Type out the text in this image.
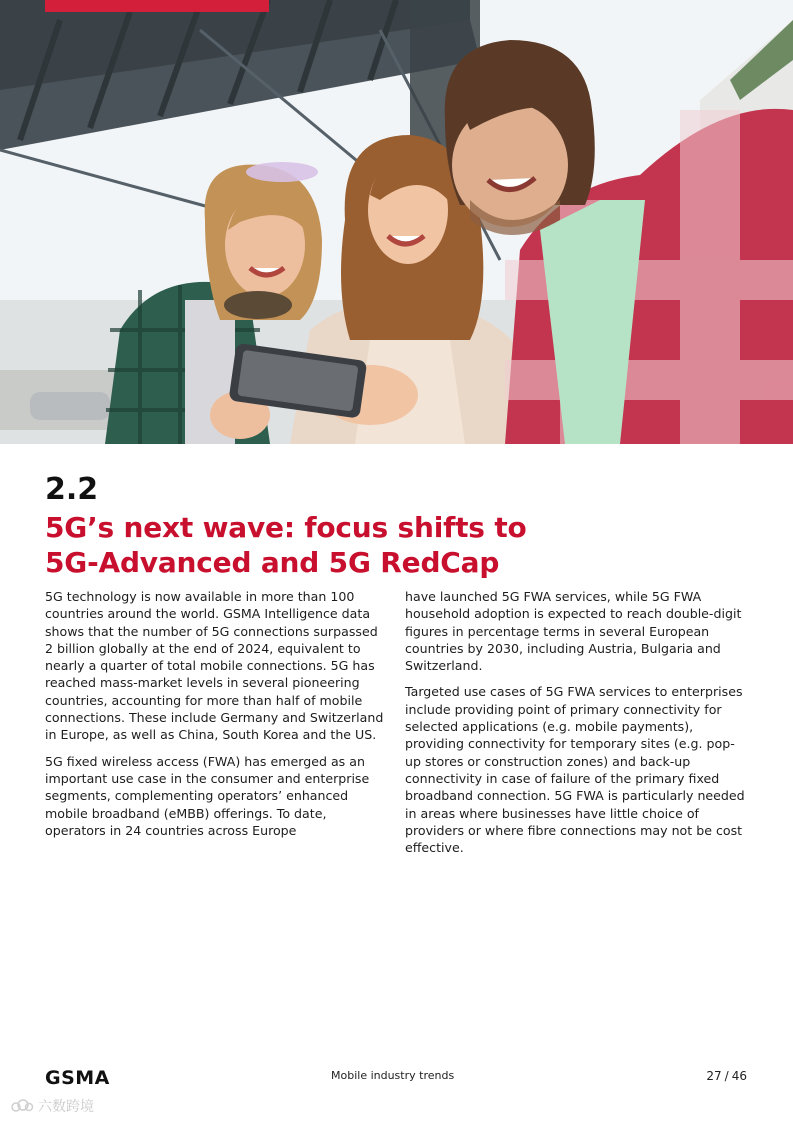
2.2
5G’s next wave: focus shifts to
5G-Advanced and 5G RedCap

5G technology is now available in more than 100 countries around the world. GSMA Intelligence data shows that the number of 5G connections surpassed 2 billion globally at the end of 2024, equivalent to nearly a quarter of total mobile connections. 5G has reached mass-market levels in several pioneering countries, accounting for more than half of mobile connections. These include Germany and Switzerland in Europe, as well as China, South Korea and the US.

5G fixed wireless access (FWA) has emerged as an important use case in the consumer and enterprise segments, complementing operators’ enhanced mobile broadband (eMBB) offerings. To date, operators in 24 countries across Europe

have launched 5G FWA services, while 5G FWA household adoption is expected to reach double-digit figures in percentage terms in several European countries by 2030, including Austria, Bulgaria and Switzerland.

Targeted use cases of 5G FWA services to enterprises include providing point of primary connectivity for selected applications (e.g. mobile payments), providing connectivity for temporary sites (e.g. pop-up stores or construction zones) and back-up connectivity in case of failure of the primary fixed broadband connection. 5G FWA is particularly needed in areas where businesses have little choice of providers or where fibre connections may not be cost effective.

GSMA	Mobile industry trends	27 / 46
六数跨境
